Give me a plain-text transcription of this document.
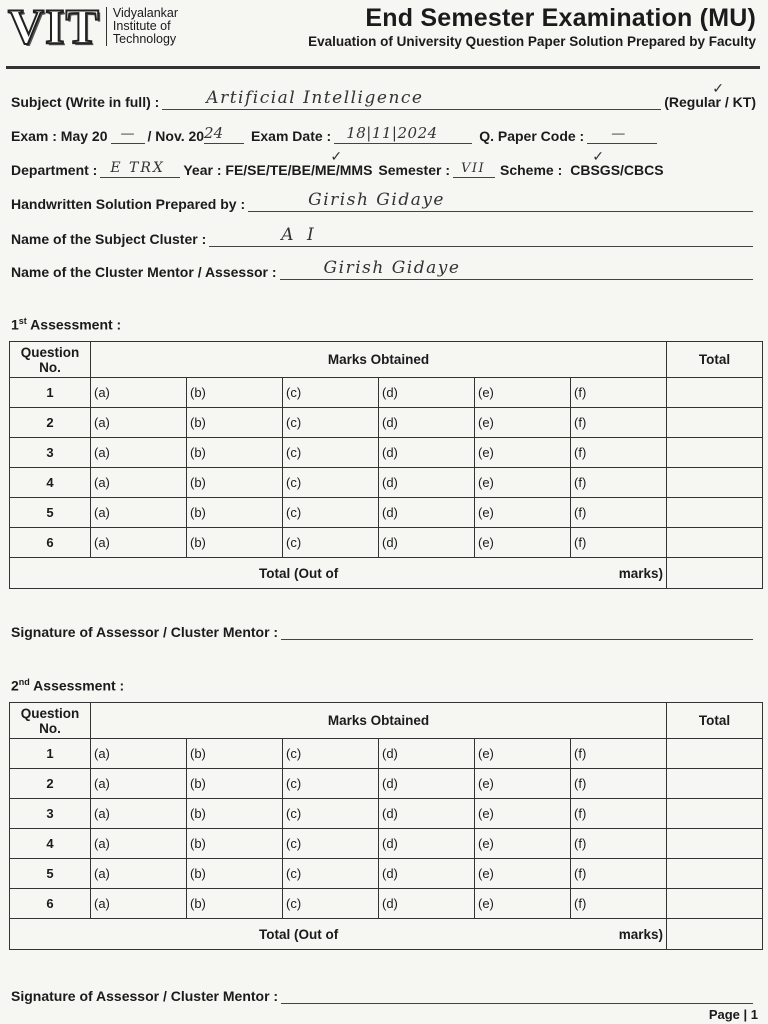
VIT Vidyalankar
Institute of
Technology
End Semester Examination (MU)
Evaluation of University Question Paper Solution Prepared by Faculty
Subject (Write in full) :	Artificial Intelligence	(Regular / KT)
✓
Exam : May 20 — / Nov. 20 24 Exam Date : 18|11|2024	Q. Paper Code : —
Department : E TRX Year : FE/SE/TE/BE/ME/MMS
✓
Semester : VII Scheme : CBSGS/CBCS
✓
Handwritten Solution Prepared by :	Girish Gidaye
Name of the Subject Cluster :	A I
Name of the Cluster Mentor / Assessor :	Girish Gidaye
1st Assessment :
Question No.	Marks Obtained						Total
1	(a)	(b)	(c)	(d)	(e)	(f)	
2	(a)	(b)	(c)	(d)	(e)	(f)	
3	(a)	(b)	(c)	(d)	(e)	(f)	
4	(a)	(b)	(c)	(d)	(e)	(f)	
5	(a)	(b)	(c)	(d)	(e)	(f)	
6	(a)	(b)	(c)	(d)	(e)	(f)	

Total (Out of marks)							

Signature of Assessor / Cluster Mentor :
2nd Assessment :
Question No.	Marks Obtained						Total
1	(a)	(b)	(c)	(d)	(e)	(f)	
2	(a)	(b)	(c)	(d)	(e)	(f)	
3	(a)	(b)	(c)	(d)	(e)	(f)	
4	(a)	(b)	(c)	(d)	(e)	(f)	
5	(a)	(b)	(c)	(d)	(e)	(f)	
6	(a)	(b)	(c)	(d)	(e)	(f)	

Total (Out of marks)							

Signature of Assessor / Cluster Mentor :
Page | 1
